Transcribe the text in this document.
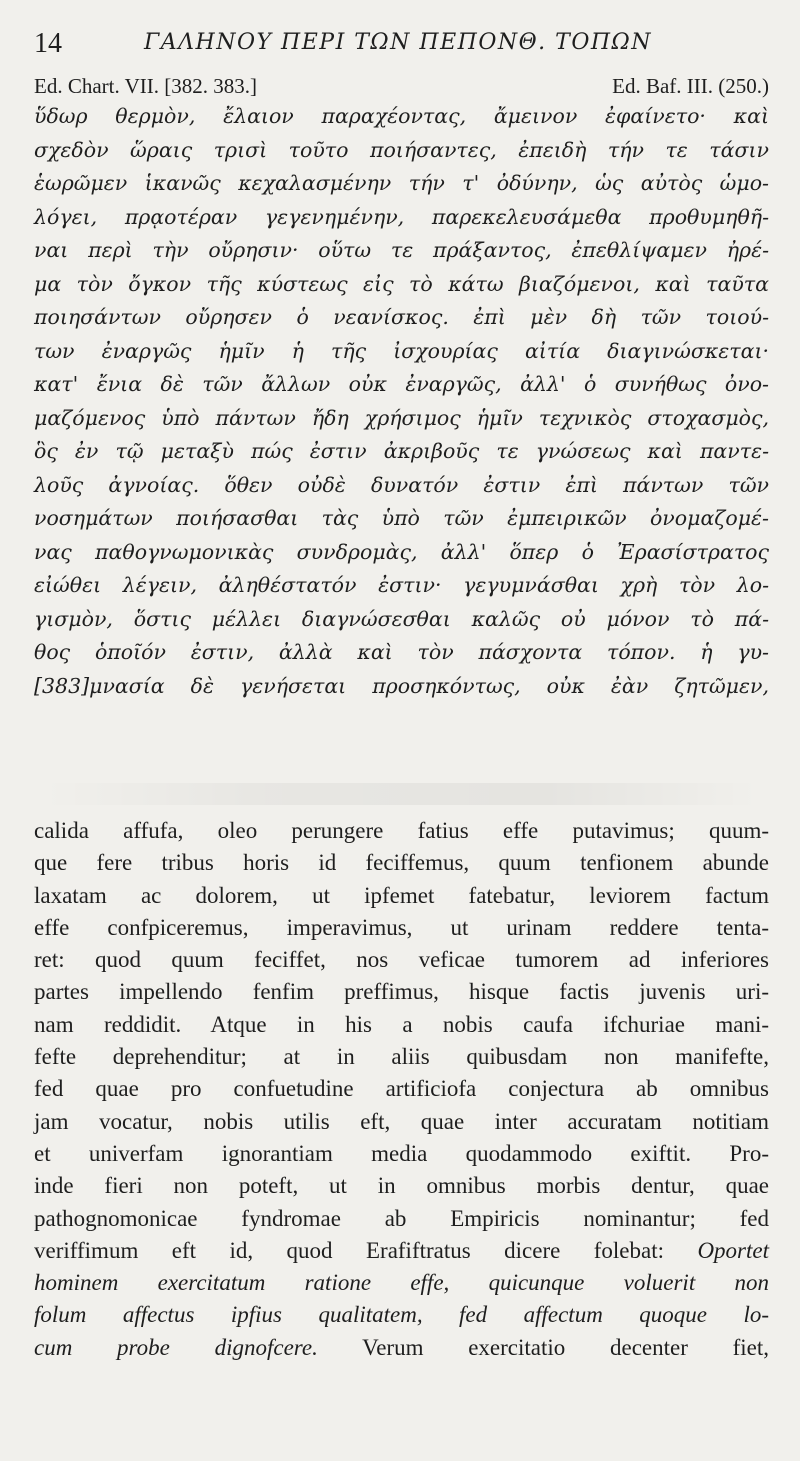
14	ΓΑΛΗΝΟΥ ΠΕΡΙ ΤΩΝ ΠΕΠΟΝΘ. ΤΟΠΩΝ
Ed. Chart. VII. [382. 383.]	Ed. Baf. III. (250.)
ὕδωρ θερμὸν, ἔλαιον παραχέοντας, ἄμεινον ἐφαίνετο· καὶ
σχεδὸν ὥραις τρισὶ τοῦτο ποιήσαντες, ἐπειδὴ τήν τε τάσιν
ἑωρῶμεν ἱκανῶς κεχαλασμένην τήν τ' ὀδύνην, ὡς αὐτὸς ὡμο-
λόγει, πρᾳοτέραν γεγενημένην, παρεκελευσάμεθα προθυμηθῆ-
ναι περὶ τὴν οὔρησιν· οὕτω τε πράξαντος, ἐπεθλίψαμεν ἠρέ-
μα τὸν ὄγκον τῆς κύστεως εἰς τὸ κάτω βιαζόμενοι, καὶ ταῦτα
ποιησάντων οὔρησεν ὁ νεανίσκος. ἐπὶ μὲν δὴ τῶν τοιού-
των ἐναργῶς ἡμῖν ἡ τῆς ἰσχουρίας αἰτία διαγινώσκεται·
κατ' ἔνια δὲ τῶν ἄλλων οὐκ ἐναργῶς, ἀλλ' ὁ συνήθως ὀνο-
μαζόμενος ὑπὸ πάντων ἤδη χρήσιμος ἡμῖν τεχνικὸς στοχασμὸς,
ὃς ἐν τῷ μεταξὺ πώς ἐστιν ἀκριβοῦς τε γνώσεως καὶ παντε-
λοῦς ἀγνοίας. ὅθεν οὐδὲ δυνατόν ἐστιν ἐπὶ πάντων τῶν
νοσημάτων ποιήσασθαι τὰς ὑπὸ τῶν ἐμπειρικῶν ὀνομαζομέ-
νας παθογνωμονικὰς συνδρομὰς, ἀλλ' ὅπερ ὁ Ἐρασίστρατος
εἰώθει λέγειν, ἀληθέστατόν ἐστιν· γεγυμνάσθαι χρὴ τὸν λο-
γισμὸν, ὅστις μέλλει διαγνώσεσθαι καλῶς οὐ μόνον τὸ πά-
θος ὁποῖόν ἐστιν, ἀλλὰ καὶ τὸν πάσχοντα τόπον. ἡ γυ-
[383]μνασία δὲ γενήσεται προσηκόντως, οὐκ ἐὰν ζητῶμεν,
calida affufa, oleo perungere fatius effe putavimus; quum-
que fere tribus horis id feciffemus, quum tenfionem abunde
laxatam ac dolorem, ut ipfemet fatebatur, leviorem factum
effe confpiceremus, imperavimus, ut urinam reddere tenta-
ret: quod quum feciffet, nos veficae tumorem ad inferiores
partes impellendo fenfim preffimus, hisque factis juvenis uri-
nam reddidit. Atque in his a nobis caufa ifchuriae mani-
fefte deprehenditur; at in aliis quibusdam non manifefte,
fed quae pro confuetudine artificiofa conjectura ab omnibus
jam vocatur, nobis utilis eft, quae inter accuratam notitiam
et univerfam ignorantiam media quodammodo exiftit. Pro-
inde fieri non poteft, ut in omnibus morbis dentur, quae
pathognomonicae fyndromae ab Empiricis nominantur; fed
veriffimum eft id, quod Erafiftratus dicere folebat: Oportet
hominem exercitatum ratione effe, quicunque voluerit non
folum affectus ipfius qualitatem, fed affectum quoque lo-
cum probe dignofcere. Verum exercitatio decenter fiet,
